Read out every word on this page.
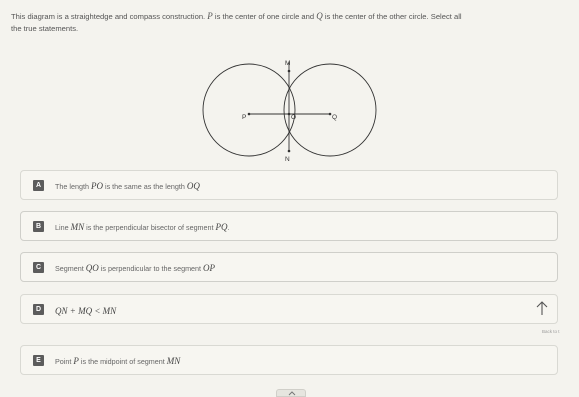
This diagram is a straightedge and compass construction. P is the center of one circle and Q is the center of the other circle. Select all
the true statements.
M
P	O	Q
N
A	The length PO is the same as the length OQ
B	Line MN is the perpendicular bisector of segment PQ.
C	Segment QO is perpendicular to the segment OP
D	QN + MQ < MN
Back to t
E	Point P is the midpoint of segment MN
